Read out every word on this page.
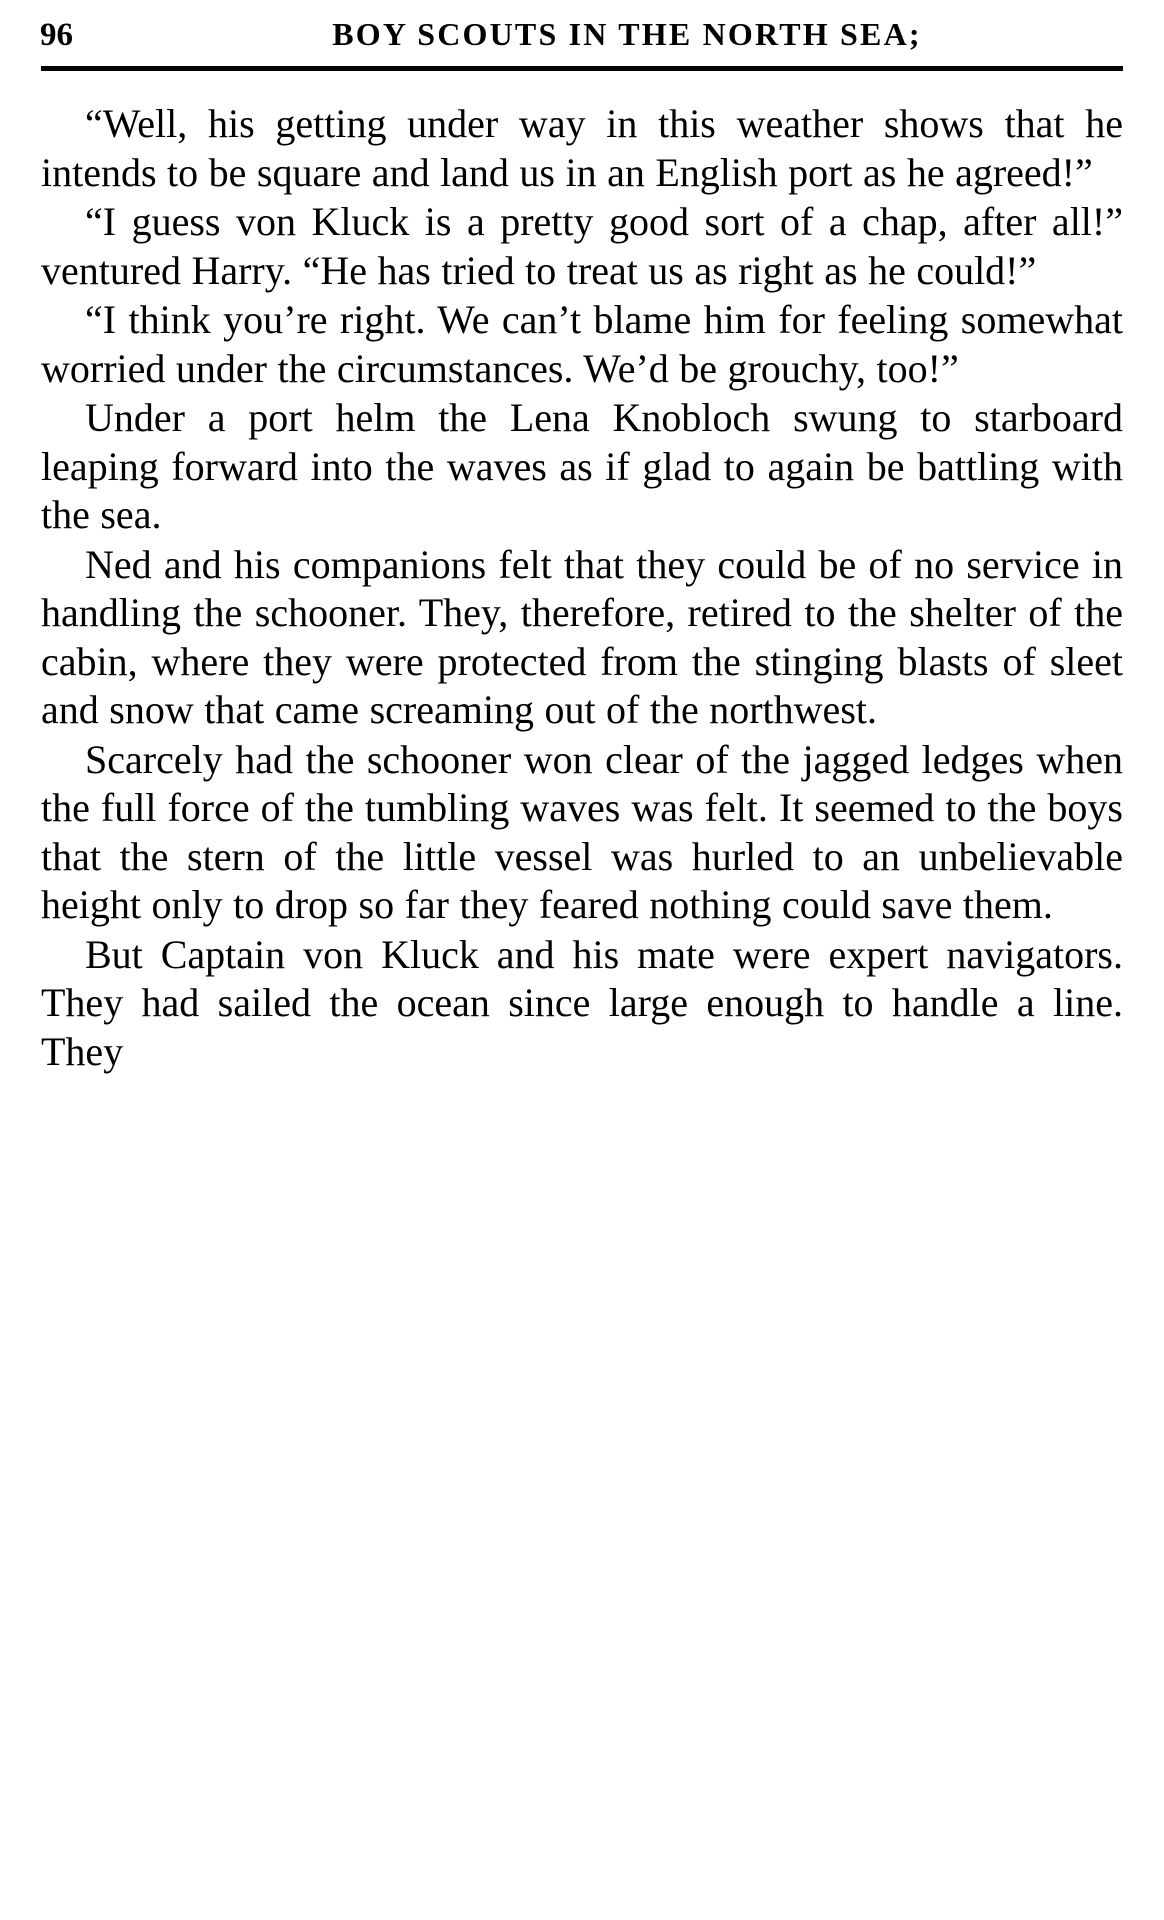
96	BOY SCOUTS IN THE NORTH SEA;

“Well, his getting under way in this weather shows that he intends to be square and land us in an English port as he agreed!”

“I guess von Kluck is a pretty good sort of a chap, after all!” ventured Harry. “He has tried to treat us as right as he could!”

“I think you’re right. We can’t blame him for feeling somewhat worried under the circumstances. We’d be grouchy, too!”

Under a port helm the Lena Knobloch swung to starboard leaping forward into the waves as if glad to again be battling with the sea.

Ned and his companions felt that they could be of no service in handling the schooner. They, therefore, retired to the shelter of the cabin, where they were protected from the stinging blasts of sleet and snow that came screaming out of the northwest.

Scarcely had the schooner won clear of the jagged ledges when the full force of the tumbling waves was felt. It seemed to the boys that the stern of the little vessel was hurled to an unbelievable height only to drop so far they feared nothing could save them.

But Captain von Kluck and his mate were expert navigators. They had sailed the ocean since large enough to handle a line. They
